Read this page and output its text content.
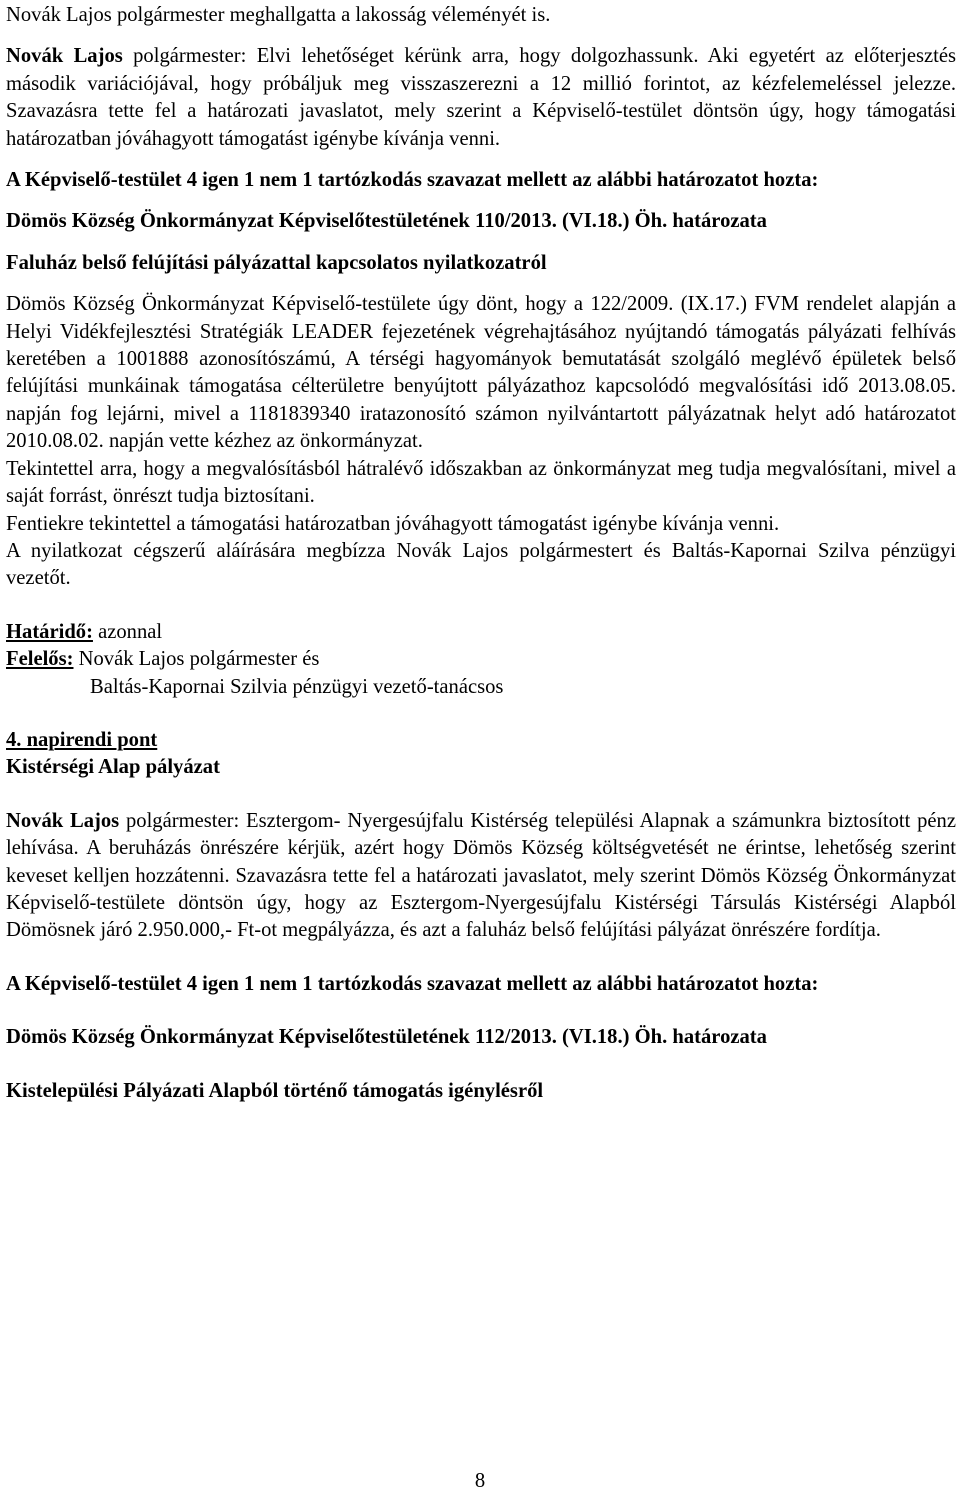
Novák Lajos polgármester meghallgatta a lakosság véleményét is.

Novák Lajos polgármester: Elvi lehetőséget kérünk arra, hogy dolgozhassunk. Aki egyetért az előterjesztés második variációjával, hogy próbáljuk meg visszaszerezni a 12 millió forintot, az kézfelemeléssel jelezze. Szavazásra tette fel a határozati javaslatot, mely szerint a Képviselő-testület döntsön úgy, hogy támogatási határozatban jóváhagyott támogatást igénybe kívánja venni.

A Képviselő-testület 4 igen 1 nem 1 tartózkodás szavazat mellett az alábbi határozatot hozta:

Dömös Község Önkormányzat Képviselőtestületének 110/2013. (VI.18.) Öh. határozata

Faluház belső felújítási pályázattal kapcsolatos nyilatkozatról

Dömös Község Önkormányzat Képviselő-testülete úgy dönt, hogy a 122/2009. (IX.17.) FVM rendelet alapján a Helyi Vidékfejlesztési Stratégiák LEADER fejezetének végrehajtásához nyújtandó támogatás pályázati felhívás keretében a 1001888 azonosítószámú, A térségi hagyományok bemutatását szolgáló meglévő épületek belső felújítási munkáinak támogatása célterületre benyújtott pályázathoz kapcsolódó megvalósítási idő 2013.08.05. napján fog lejárni, mivel a 1181839340 iratazonosító számon nyilvántartott pályázatnak helyt adó határozatot 2010.08.02. napján vette kézhez az önkormányzat.

Tekintettel arra, hogy a megvalósításból hátralévő időszakban az önkormányzat meg tudja megvalósítani, mivel a saját forrást, önrészt tudja biztosítani.

Fentiekre tekintettel a támogatási határozatban jóváhagyott támogatást igénybe kívánja venni.

A nyilatkozat cégszerű aláírására megbízza Novák Lajos polgármestert és Baltás-Kapornai Szilva pénzügyi vezetőt.

Határidő: azonnal

Felelős: Novák Lajos polgármester és

Baltás-Kapornai Szilvia pénzügyi vezető-tanácsos

4. napirendi pont

Kistérségi Alap pályázat

Novák Lajos polgármester: Esztergom- Nyergesújfalu Kistérség települési Alapnak a számunkra biztosított pénz lehívása. A beruházás önrészére kérjük, azért hogy Dömös Község költségvetését ne érintse, lehetőség szerint keveset kelljen hozzátenni. Szavazásra tette fel a határozati javaslatot, mely szerint Dömös Község Önkormányzat Képviselő-testülete döntsön úgy, hogy az Esztergom-Nyergesújfalu Kistérségi Társulás Kistérségi Alapból Dömösnek járó 2.950.000,- Ft-ot megpályázza, és azt a faluház belső felújítási pályázat önrészére fordítja.

A Képviselő-testület 4 igen 1 nem 1 tartózkodás szavazat mellett az alábbi határozatot hozta:

Dömös Község Önkormányzat Képviselőtestületének 112/2013. (VI.18.) Öh. határozata

Kistelepülési Pályázati Alapból történő támogatás igénylésről

8
